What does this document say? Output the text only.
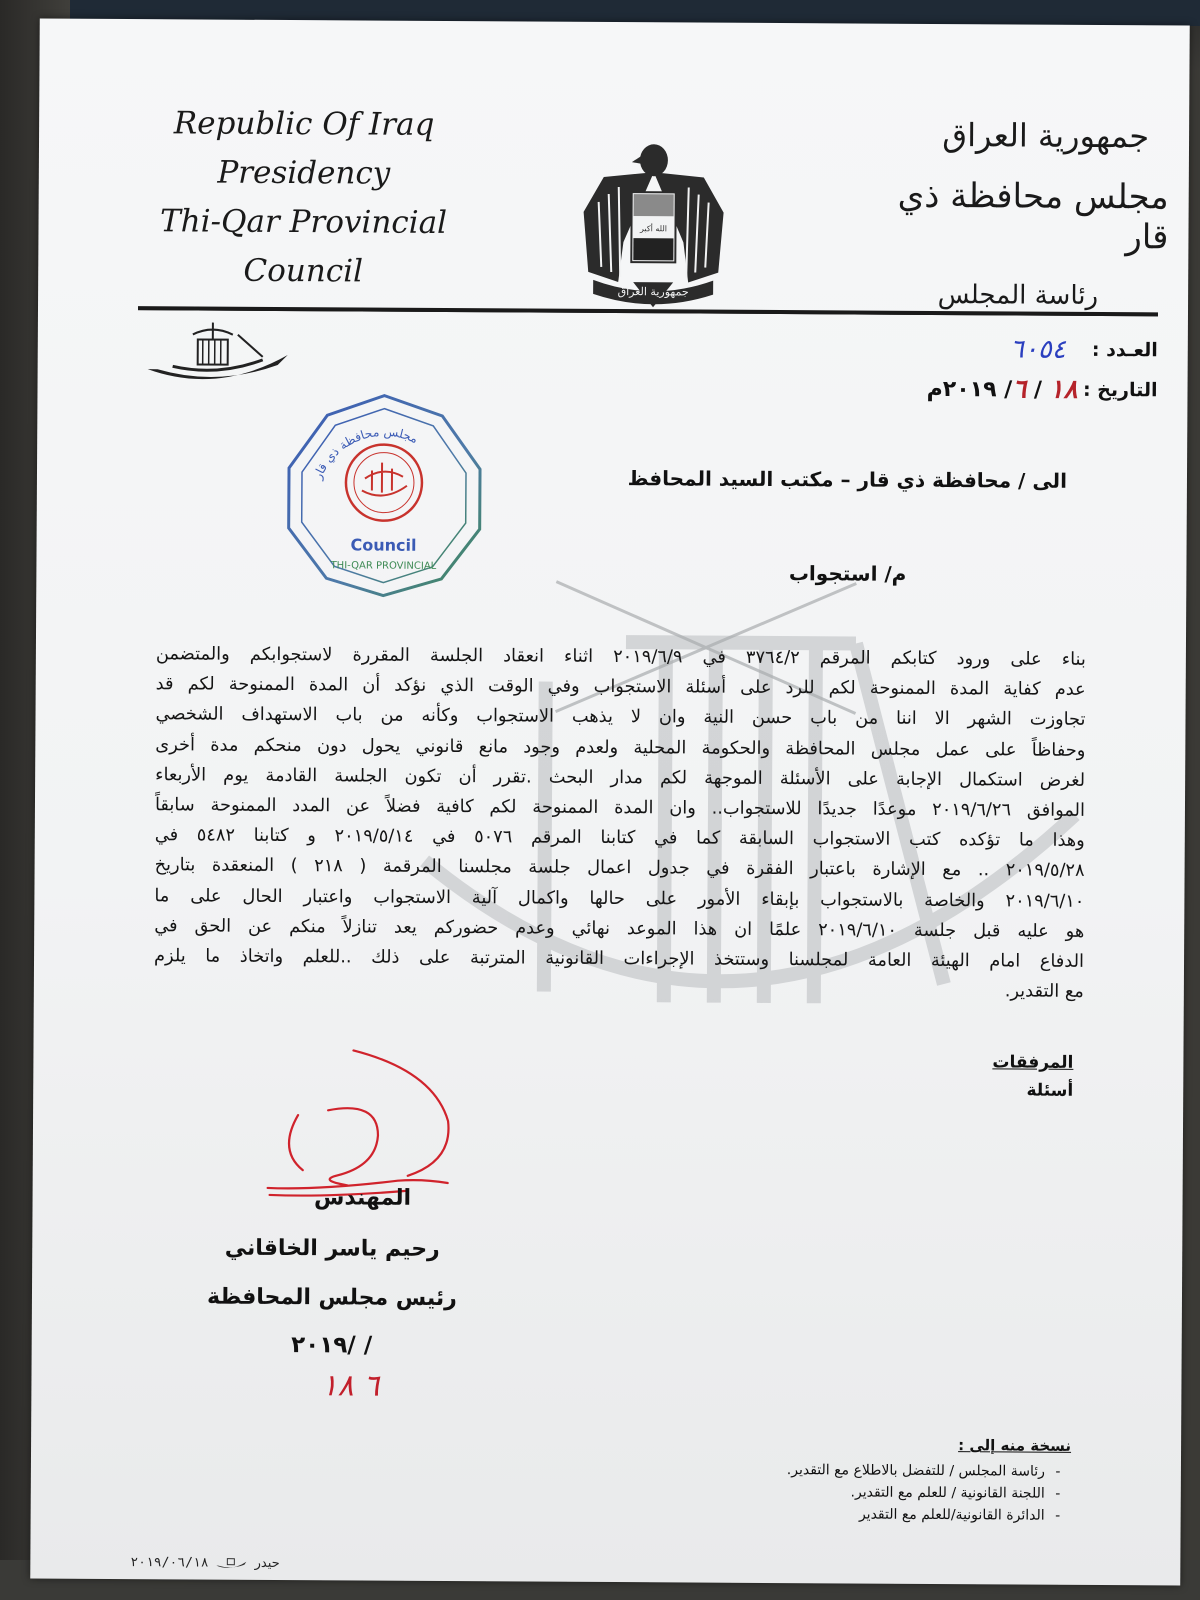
Republic Of Iraq
Presidency
Thi-Qar Provincial
Council
الله أكبر
جمهورية العراق
جمهورية العراق
مجلس محافظة ذي قار
رئاسة المجلس
العـدد :
٦٠٥٤
التاريخ :
١٨
/
٦
/ ٢٠١٩م
مجلس محافظة ذي قار
Council
THI-QAR PROVINCIAL
الى / محافظة ذي قار – مكتب السيد المحافظ
م/ استجواب
بناء على ورود كتابكم المرقم ٣٧٦٤/٢ في ٢٠١٩/٦/٩ اثناء انعقاد الجلسة المقررة لاستجوابكم والمتضمن
عدم كفاية المدة الممنوحة لكم للرد على أسئلة الاستجواب وفي الوقت الذي نؤكد أن المدة الممنوحة لكم قد
تجاوزت الشهر الا اننا من باب حسن النية وان لا يذهب الاستجواب وكأنه من باب الاستهداف الشخصي
وحفاظاً على عمل مجلس المحافظة والحكومة المحلية ولعدم وجود مانع قانوني يحول دون منحكم مدة أخرى
لغرض استكمال الإجابة على الأسئلة الموجهة لكم مدار البحث .تقرر أن تكون الجلسة القادمة يوم الأربعاء
الموافق ٢٠١٩/٦/٢٦ موعدًا جديدًا للاستجواب.. وان المدة الممنوحة لكم كافية فضلاً عن المدد الممنوحة سابقاً
وهذا ما تؤكده كتب الاستجواب السابقة كما في كتابنا المرقم ٥٠٧٦ في ٢٠١٩/٥/١٤ و كتابنا ٥٤٨٢ في
٢٠١٩/٥/٢٨ .. مع الإشارة باعتبار الفقرة في جدول اعمال جلسة مجلسنا المرقمة ( ٢١٨ ) المنعقدة بتاريخ
٢٠١٩/٦/١٠ والخاصة بالاستجواب بإبقاء الأمور على حالها واكمال آلية الاستجواب واعتبار الحال على ما
هو عليه قبل جلسة ٢٠١٩/٦/١٠ علمًا ان هذا الموعد نهائي وعدم حضوركم يعد تنازلاً منكم عن الحق في
الدفاع امام الهيئة العامة لمجلسنا وستتخذ الإجراءات القانونية المترتبة على ذلك ..للعلم واتخاذ ما يلزم
مع التقدير.
المرفقات
أسئلة
المهندس
رحيم ياسر الخاقاني
رئيس مجلس المحافظة
/ /٢٠١٩
٦ ١٨
نسخة منه إلى :
-
رئاسة المجلس / للتفضل بالاطلاع مع التقدير.
-
اللجنة القانونية / للعلم مع التقدير.
-
الدائرة القانونية/للعلم مع التقدير
حيدر
٢٠١٩/٠٦/١٨
